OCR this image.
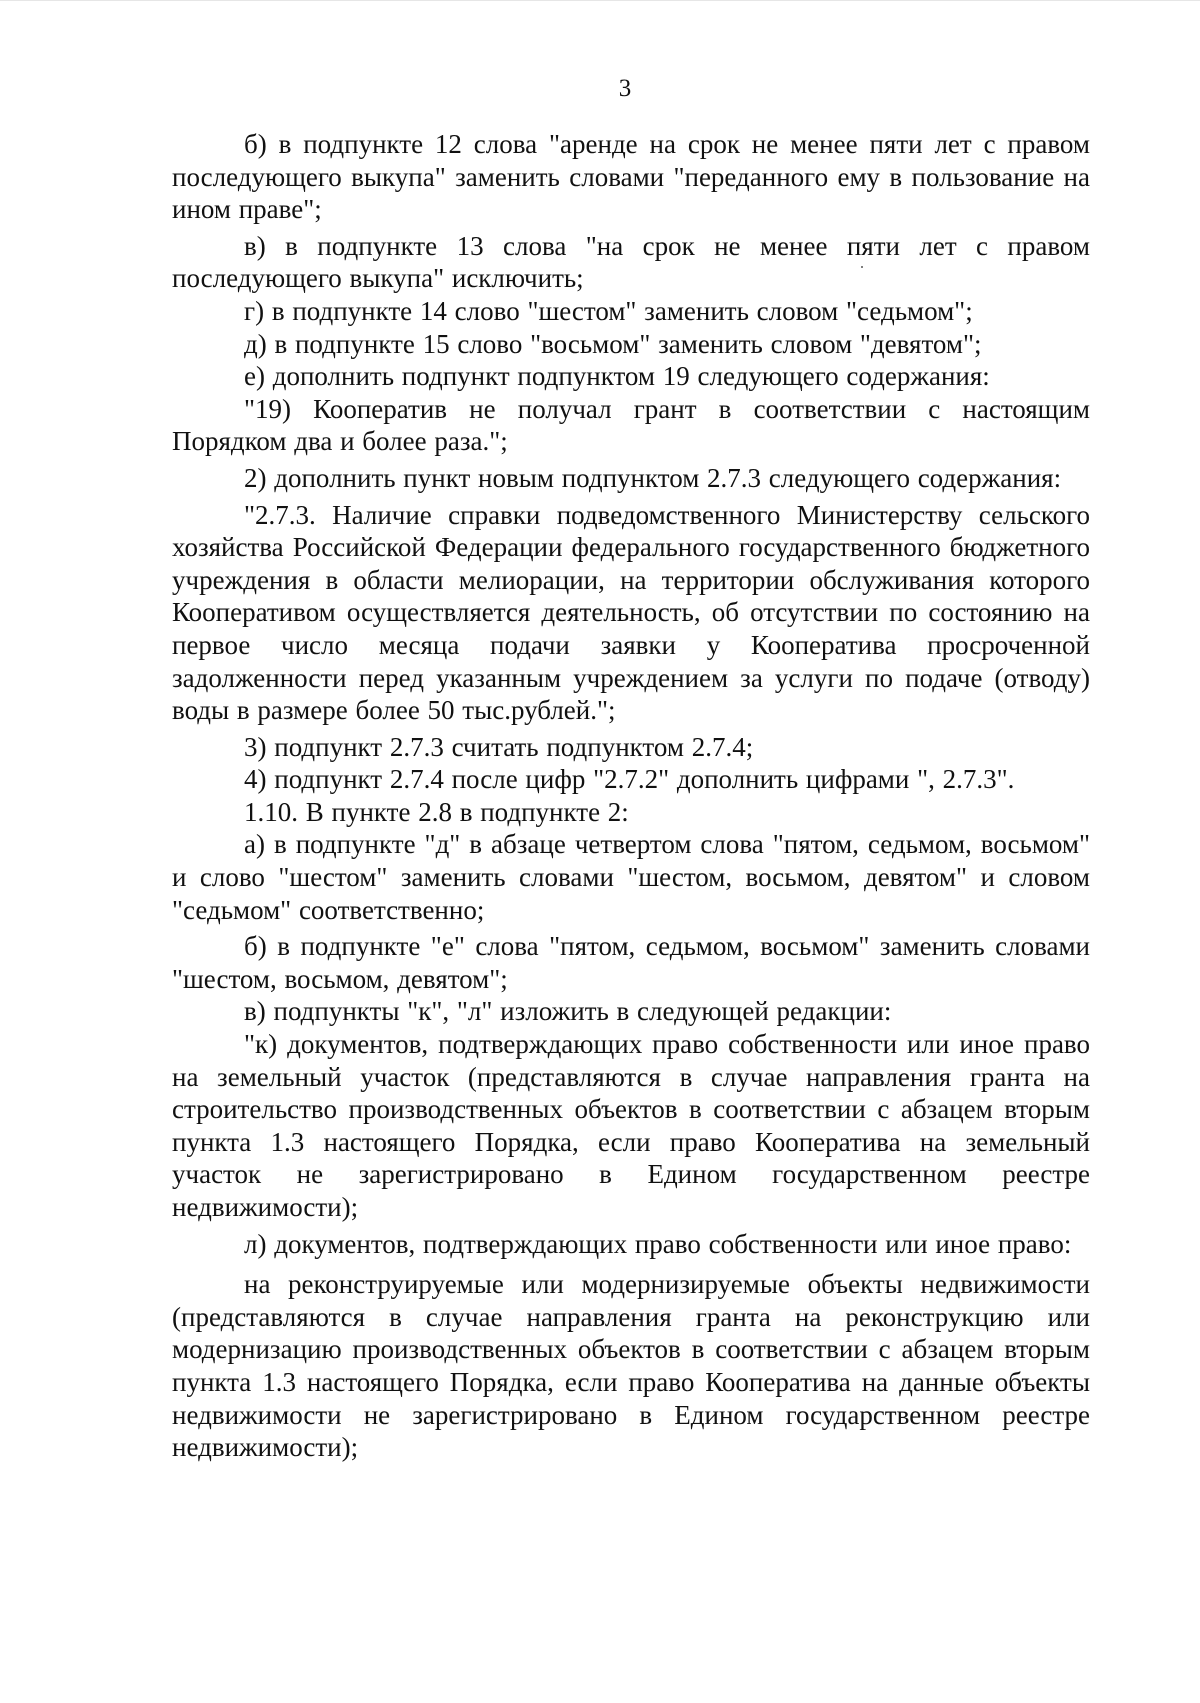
3

б) в подпункте 12 слова "аренде на срок не менее пяти лет с правом последующего выкупа" заменить словами "переданного ему в пользование на ином праве";

в) в подпункте 13 слова "на срок не менее пяти лет с правом последующего выкупа" исключить;

г) в подпункте 14 слово "шестом" заменить словом "седьмом";

д) в подпункте 15 слово "восьмом" заменить словом "девятом";

е) дополнить подпункт подпунктом 19 следующего содержания:

"19) Кооператив не получал грант в соответствии с настоящим Порядком два и более раза.";

2) дополнить пункт новым подпунктом 2.7.3 следующего содержания:

"2.7.3. Наличие справки подведомственного Министерству сельского хозяйства Российской Федерации федерального государственного бюджетного учреждения в области мелиорации, на территории обслуживания которого Кооперативом осуществляется деятельность, об отсутствии по состоянию на первое число месяца подачи заявки у Кооператива просроченной задолженности перед указанным учреждением за услуги по подаче (отводу) воды в размере более 50 тыс.рублей.";

3) подпункт 2.7.3 считать подпунктом 2.7.4;

4) подпункт 2.7.4 после цифр "2.7.2" дополнить цифрами ", 2.7.3".

1.10. В пункте 2.8 в подпункте 2:

а) в подпункте "д" в абзаце четвертом слова "пятом, седьмом, восьмом" и слово "шестом" заменить словами "шестом, восьмом, девятом" и словом "седьмом" соответственно;

б) в подпункте "е" слова "пятом, седьмом, восьмом" заменить словами "шестом, восьмом, девятом";

в) подпункты "к", "л" изложить в следующей редакции:

"к) документов, подтверждающих право собственности или иное право на земельный участок (представляются в случае направления гранта на строительство производственных объектов в соответствии с абзацем вторым пункта 1.3 настоящего Порядка, если право Кооператива на земельный участок не зарегистрировано в Едином государственном реестре недвижимости);

л) документов, подтверждающих право собственности или иное право:

на реконструируемые или модернизируемые объекты недвижимости (представляются в случае направления гранта на реконструкцию или модернизацию производственных объектов в соответствии с абзацем вторым пункта 1.3 настоящего Порядка, если право Кооператива на данные объекты недвижимости не зарегистрировано в Едином государственном реестре недвижимости);
